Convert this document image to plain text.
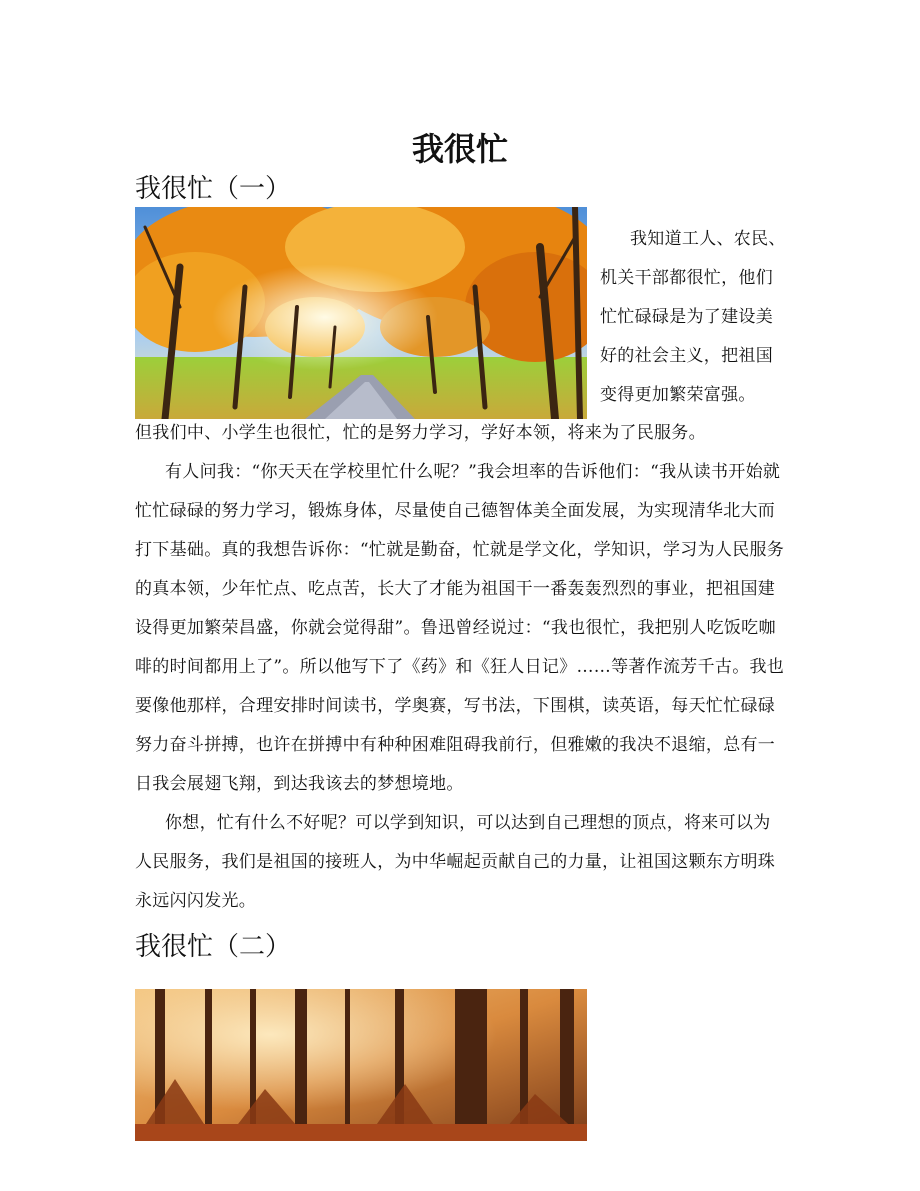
我很忙
我很忙（一）

我知道工人、农民、机关干部都很忙，他们忙忙碌碌是为了建设美好的社会主义，把祖国变得更加繁荣富强。

但我们中、小学生也很忙，忙的是努力学习，学好本领，将来为了民服务。

有人问我：“你天天在学校里忙什么呢？”我会坦率的告诉他们：“我从读书开始就忙忙碌碌的努力学习，锻炼身体，尽量使自己德智体美全面发展，为实现清华北大而打下基础。真的我想告诉你：“忙就是勤奋，忙就是学文化，学知识，学习为人民服务的真本领，少年忙点、吃点苦，长大了才能为祖国干一番轰轰烈烈的事业，把祖国建设得更加繁荣昌盛，你就会觉得甜”。鲁迅曾经说过：“我也很忙，我把别人吃饭吃咖啡的时间都用上了”。所以他写下了《药》和《狂人日记》……等著作流芳千古。我也要像他那样，合理安排时间读书，学奥赛，写书法，下围棋，读英语，每天忙忙碌碌努力奋斗拼搏，也许在拼搏中有种种困难阻碍我前行，但雅嫩的我决不退缩，总有一日我会展翅飞翔，到达我该去的梦想境地。

你想，忙有什么不好呢？可以学到知识，可以达到自己理想的顶点，将来可以为人民服务，我们是祖国的接班人，为中华崛起贡献自己的力量，让祖国这颗东方明珠永远闪闪发光。

我很忙（二）
